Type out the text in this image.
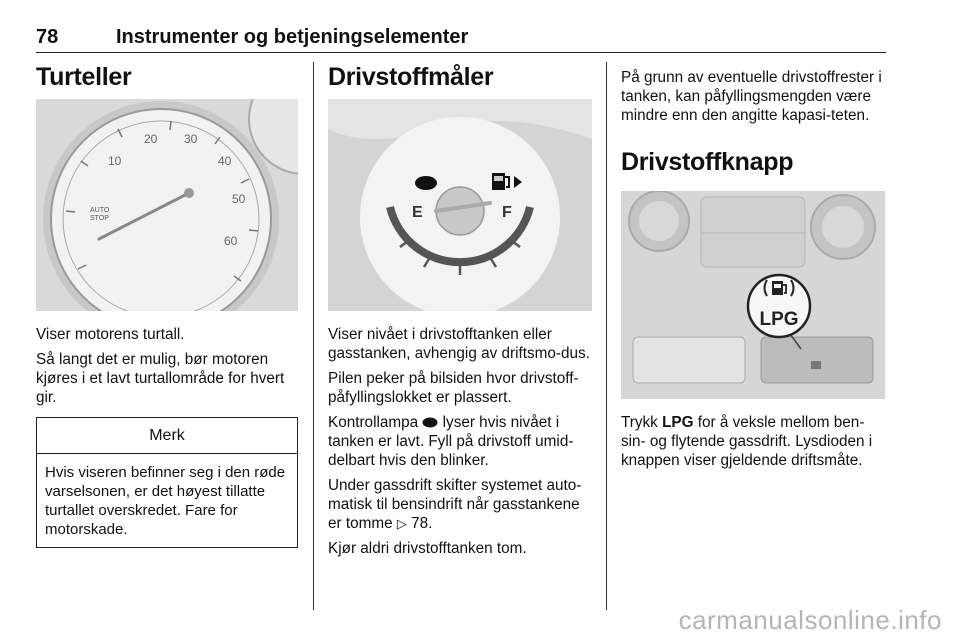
78	Instrumenter og betjeningselementer
Turteller
10
20 30
40
50
60
AUTO
STOP

Viser motorens turtall.

Så langt det er mulig, bør motoren kjøres i et lavt turtallområde for hvert gir.

Merk
Hvis viseren befinner seg i den røde varselsonen, er det høyest tillatte turtallet overskredet. Fare for motorskade.
Drivstoffmåler
E	F

Viser nivået i drivstofftanken eller gasstanken, avhengig av driftsmo-dus.

Pilen peker på bilsiden hvor drivstoff-påfyllingslokket er plassert.

Kontrollampa  lyser hvis nivået i tanken er lavt. Fyll på drivstoff umid-delbart hvis den blinker.

Under gassdrift skifter systemet auto-matisk til bensindrift når gasstankene er tomme ▷ 78.

Kjør aldri drivstofftanken tom.

På grunn av eventuelle drivstoffrester i tanken, kan påfyllingsmengden være mindre enn den angitte kapasi-teten.

Drivstoffknapp
LPG

Trykk LPG for å veksle mellom ben-sin- og flytende gassdrift. Lysdioden i knappen viser gjeldende driftsmåte.

carmanualsonline.info
